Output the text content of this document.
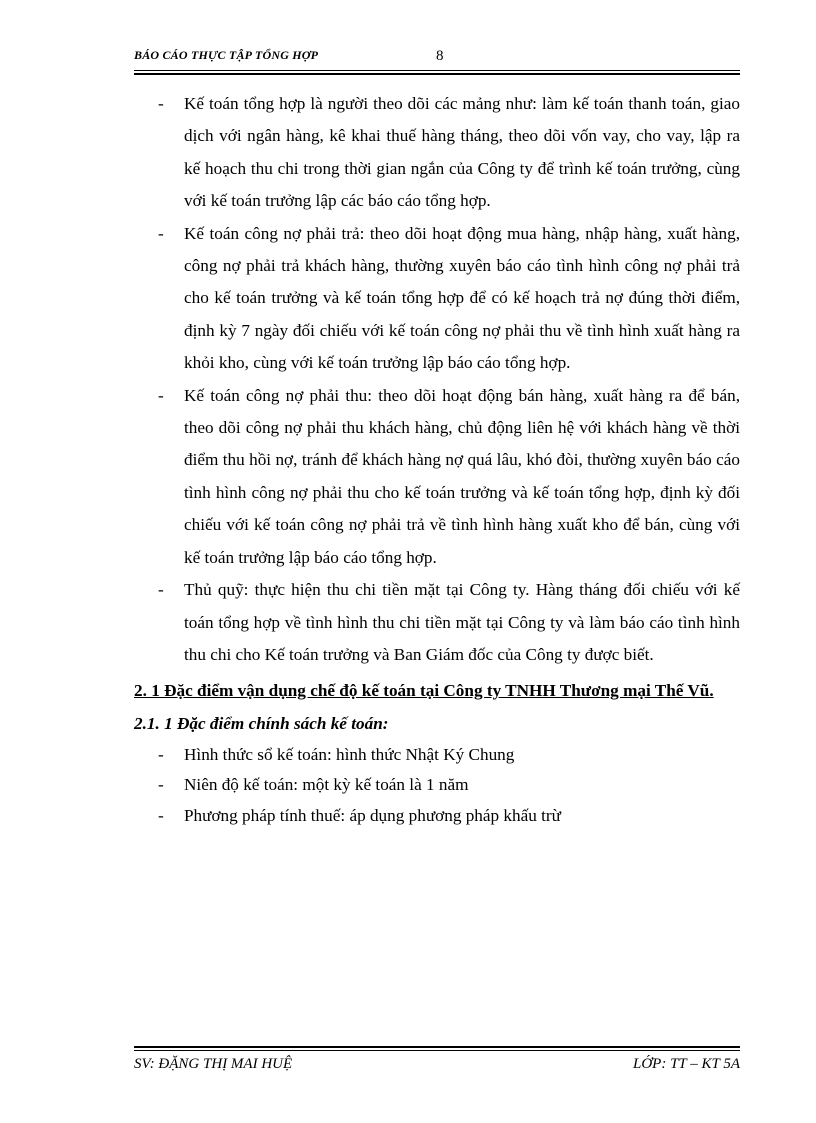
BÁO CÁO THỰC TẬP TỔNG HỢP	8

- Kế toán tổng hợp là người theo dõi các mảng như: làm kế toán thanh toán, giao dịch với ngân hàng, kê khai thuế hàng tháng, theo dõi vốn vay, cho vay, lập ra kế hoạch thu chi trong thời gian ngắn của Công ty để trình kế toán trưởng, cùng với kế toán trưởng lập các báo cáo tổng hợp.

- Kế toán công nợ phải trả: theo dõi hoạt động mua hàng, nhập hàng, xuất hàng, công nợ phải trả khách hàng, thường xuyên báo cáo tình hình công nợ phải trả cho kế toán trưởng và kế toán tổng hợp để có kế hoạch trả nợ đúng thời điểm, định kỳ 7 ngày đối chiếu với kế toán công nợ phải thu về tình hình xuất hàng ra khỏi kho, cùng với kế toán trưởng lập báo cáo tổng hợp.

- Kế toán công nợ phải thu: theo dõi hoạt động bán hàng, xuất hàng ra để bán, theo dõi công nợ phải thu khách hàng, chủ động liên hệ với khách hàng về thời điểm thu hồi nợ, tránh để khách hàng nợ quá lâu, khó đòi, thường xuyên báo cáo tình hình công nợ phải thu cho kế toán trưởng và kế toán tổng hợp, định kỳ đối chiếu với kế toán công nợ phải trả về tình hình hàng xuất kho để bán, cùng với kế toán trưởng lập báo cáo tổng hợp.

- Thủ quỹ: thực hiện thu chi tiền mặt tại Công ty. Hàng tháng đối chiếu với kế toán tổng hợp về tình hình thu chi tiền mặt tại Công ty và làm báo cáo tình hình thu chi cho Kế toán trưởng và Ban Giám đốc của Công ty được biết.

2. 1 Đặc điểm vận dụng chế độ kế toán tại Công ty TNHH Thương mại Thế Vũ.

2.1. 1 Đặc điểm chính sách kế toán:

- Hình thức sổ kế toán: hình thức Nhật Ký Chung

- Niên độ kế toán: một kỳ kế toán là 1 năm

- Phương pháp tính thuế: áp dụng phương pháp khấu trừ

SV: ĐẶNG THỊ MAI HUỆ	LỚP: TT – KT 5A
